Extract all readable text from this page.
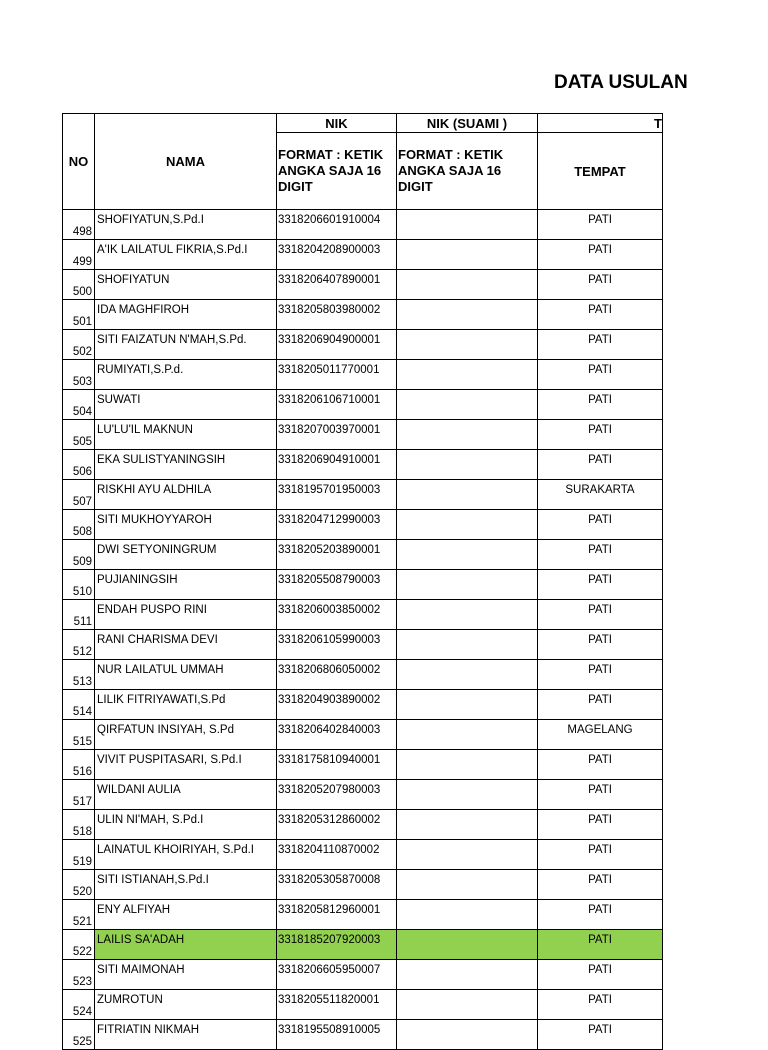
DATA USULAN
NO	NAMA	NIK	NIK (SUAMI )	T
		FORMAT : KETIK ANGKA SAJA 16 DIGIT	FORMAT : KETIK ANGKA SAJA 16 DIGIT	TEMPAT
498	SHOFIYATUN,S.Pd.I	3318206601910004		PATI
499	A'IK LAILATUL FIKRIA,S.Pd.I	3318204208900003		PATI
500	SHOFIYATUN	3318206407890001		PATI
501	IDA MAGHFIROH	3318205803980002		PATI
502	SITI FAIZATUN N'MAH,S.Pd.	3318206904900001		PATI
503	RUMIYATI,S.P.d.	3318205011770001		PATI
504	SUWATI	3318206106710001		PATI
505	LU'LU'IL MAKNUN	3318207003970001		PATI
506	EKA SULISTYANINGSIH	3318206904910001		PATI
507	RISKHI AYU ALDHILA	3318195701950003		SURAKARTA
508	SITI MUKHOYYAROH	3318204712990003		PATI
509	DWI SETYONINGRUM	3318205203890001		PATI
510	PUJIANINGSIH	3318205508790003		PATI
511	ENDAH PUSPO RINI	3318206003850002		PATI
512	RANI CHARISMA DEVI	3318206105990003		PATI
513	NUR LAILATUL UMMAH	3318206806050002		PATI
514	LILIK FITRIYAWATI,S.Pd	3318204903890002		PATI
515	QIRFATUN INSIYAH, S.Pd	3318206402840003		MAGELANG
516	VIVIT PUSPITASARI, S.Pd.I	3318175810940001		PATI
517	WILDANI AULIA	3318205207980003		PATI
518	ULIN NI'MAH, S.Pd.I	3318205312860002		PATI
519	LAINATUL KHOIRIYAH, S.Pd.I	3318204110870002		PATI
520	SITI ISTIANAH,S.Pd.I	3318205305870008		PATI
521	ENY ALFIYAH	3318205812960001		PATI
522	LAILIS SA'ADAH	3318185207920003		PATI
523	SITI MAIMONAH	3318206605950007		PATI
524	ZUMROTUN	3318205511820001		PATI
525	FITRIATIN NIKMAH	3318195508910005		PATI
